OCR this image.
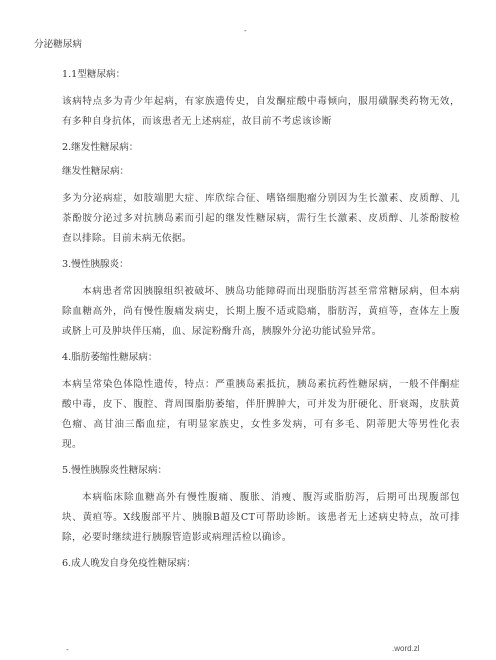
-
分泌糖尿病
1.1型糖尿病：
该病特点多为青少年起病，有家族遗传史，自发酮症酸中毒倾向，服用磺脲类药物无效，有多种自身抗体，而该患者无上述病症，故目前不考虑该诊断
2.继发性糖尿病：
继发性糖尿病：
多为分泌病症，如肢端肥大症、库欣综合征、嗜铬细胞瘤分别因为生长激素、皮质醇、儿茶酚胺分泌过多对抗胰岛素而引起的继发性糖尿病，需行生长激素、皮质醇、儿茶酚胺检查以排除。目前未病无依据。
3.慢性胰腺炎：
本病患者常因胰腺组织被破坏、胰岛功能障碍而出现脂肪泻甚至常常糖尿病，但本病除血糖高外，尚有慢性腹痛发病史，长期上腹不适或隐痛，脂肪泻，黄疸等，查体左上腹或脐上可及肿块伴压痛，血、尿淀粉酶升高，胰腺外分泌功能试验异常。
4.脂肪萎缩性糖尿病：
本病呈常染色体隐性遗传，特点：严重胰岛素抵抗，胰岛素抗药性糖尿病，一般不伴酮症酸中毒，皮下、腹腔、背周围脂肪萎缩，伴肝脾肿大，可并发为肝硬化、肝衰竭，皮肤黄色瘤、高甘油三酯血症，有明显家族史，女性多发病，可有多毛、阴蒂肥大等男性化表现。
5.慢性胰腺炎性糖尿病：
本病临床除血糖高外有慢性腹痛、腹胀、消瘦、腹泻或脂肪泻，后期可出现腹部包块、黄疸等。X线腹部平片、胰腺B超及CT可帮助诊断。该患者无上述病史特点，故可排除，必要时继续进行胰腺管造影或病理活检以确诊。
6.成人晚发自身免疫性糖尿病：
-	.word.zl
